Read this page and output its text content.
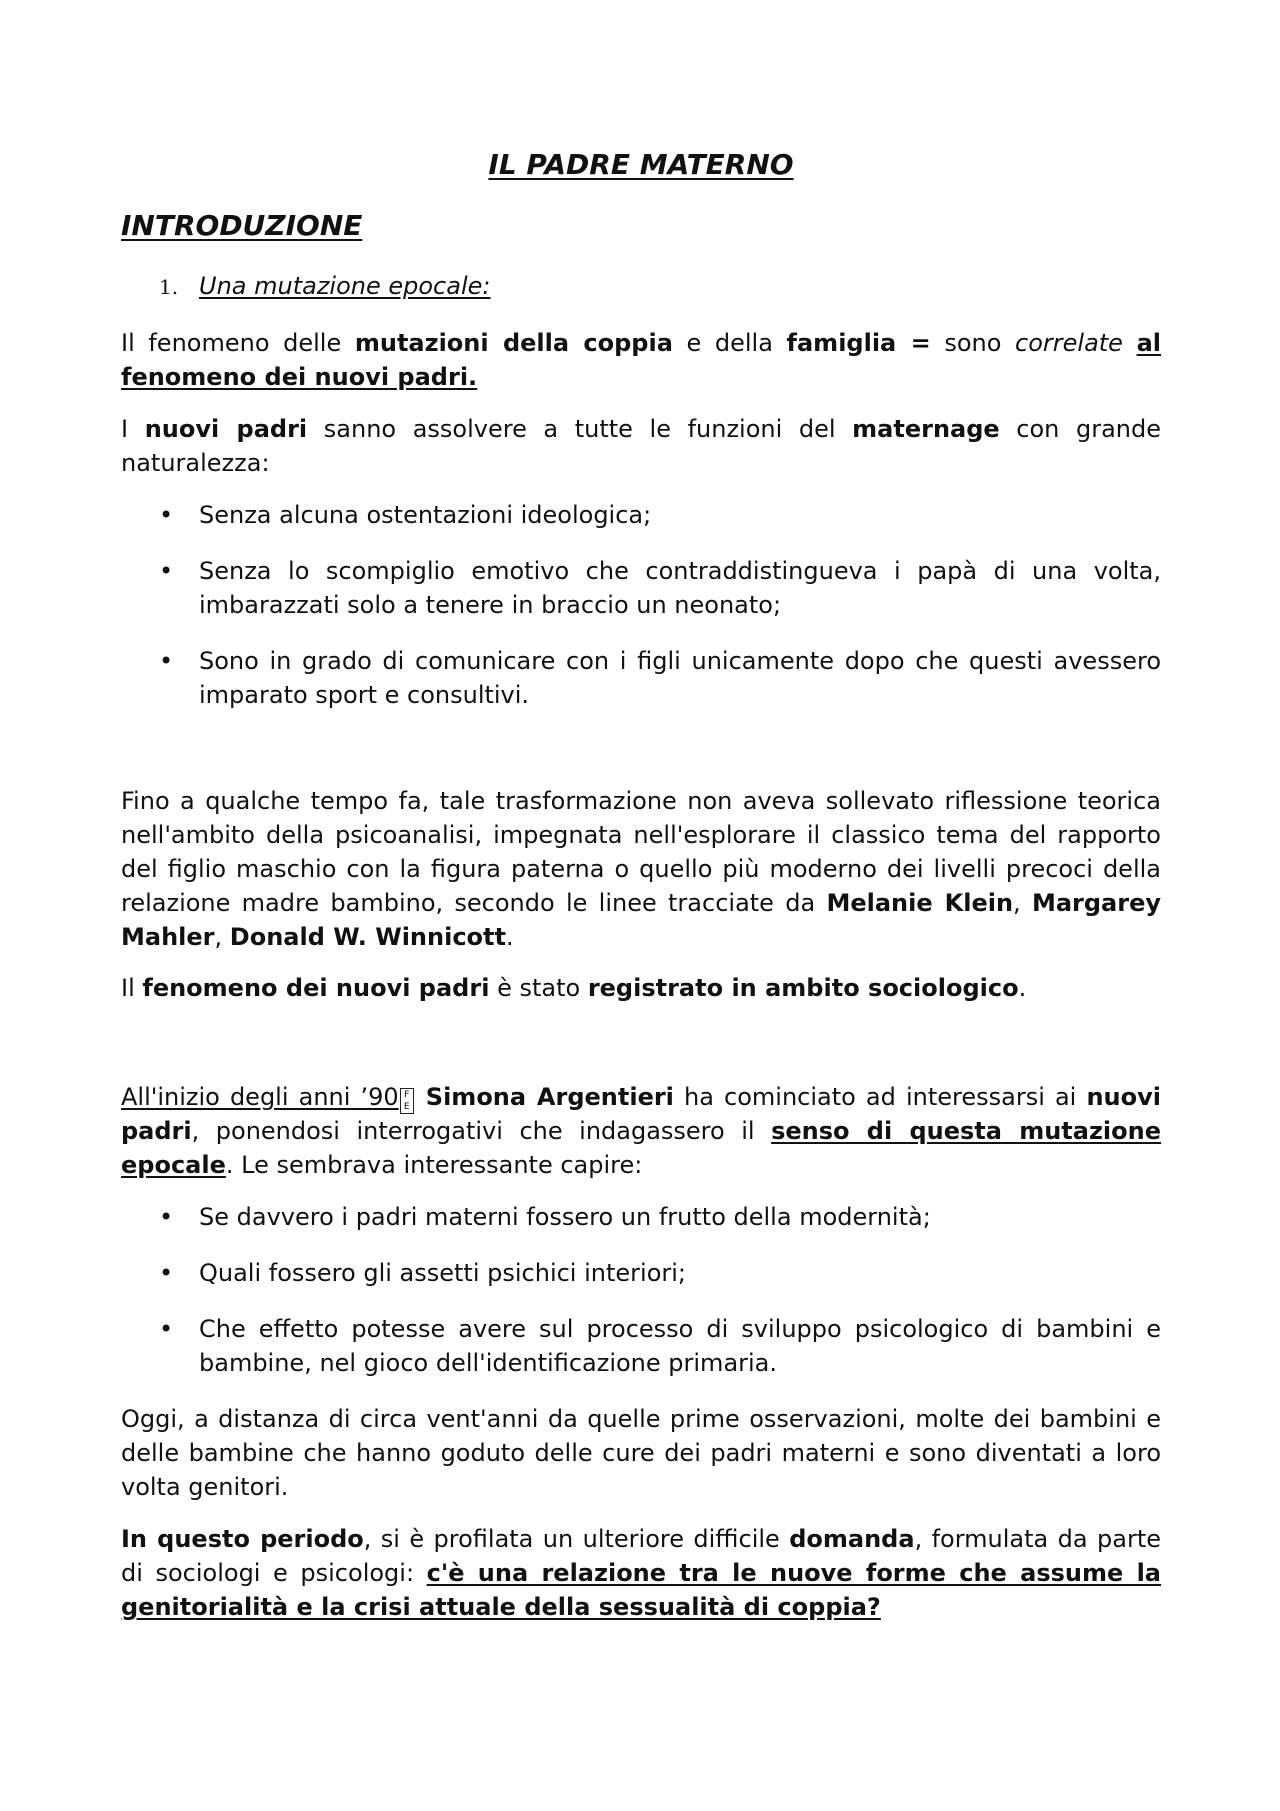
IL PADRE MATERNO
INTRODUZIONE
1. Una mutazione epocale:

Il fenomeno delle mutazioni della coppia e della famiglia = sono correlate al fenomeno dei nuovi padri.

I nuovi padri sanno assolvere a tutte le funzioni del maternage con grande naturalezza:

• Senza alcuna ostentazioni ideologica;
• Senza lo scompiglio emotivo che contraddistingueva i papà di una volta, imbarazzati solo a tenere in braccio un neonato;
• Sono in grado di comunicare con i figli unicamente dopo che questi avessero imparato sport e consultivi.

Fino a qualche tempo fa, tale trasformazione non aveva sollevato riflessione teorica nell'ambito della psicoanalisi, impegnata nell'esplorare il classico tema del rapporto del figlio maschio con la figura paterna o quello più moderno dei livelli precoci della relazione madre bambino, secondo le linee tracciate da Melanie Klein, Margarey Mahler, Donald W. Winnicott.

Il fenomeno dei nuovi padri è stato registrato in ambito sociologico.

All'inizio degli anni ’90 F E Simona Argentieri ha cominciato ad interessarsi ai nuovi padri, ponendosi interrogativi che indagassero il senso di questa mutazione epocale. Le sembrava interessante capire:

• Se davvero i padri materni fossero un frutto della modernità;
• Quali fossero gli assetti psichici interiori;
• Che effetto potesse avere sul processo di sviluppo psicologico di bambini e bambine, nel gioco dell'identificazione primaria.

Oggi, a distanza di circa vent'anni da quelle prime osservazioni, molte dei bambini e delle bambine che hanno goduto delle cure dei padri materni e sono diventati a loro volta genitori.

In questo periodo, si è profilata un ulteriore difficile domanda, formulata da parte di sociologi e psicologi: c'è una relazione tra le nuove forme che assume la genitorialità e la crisi attuale della sessualità di coppia?
